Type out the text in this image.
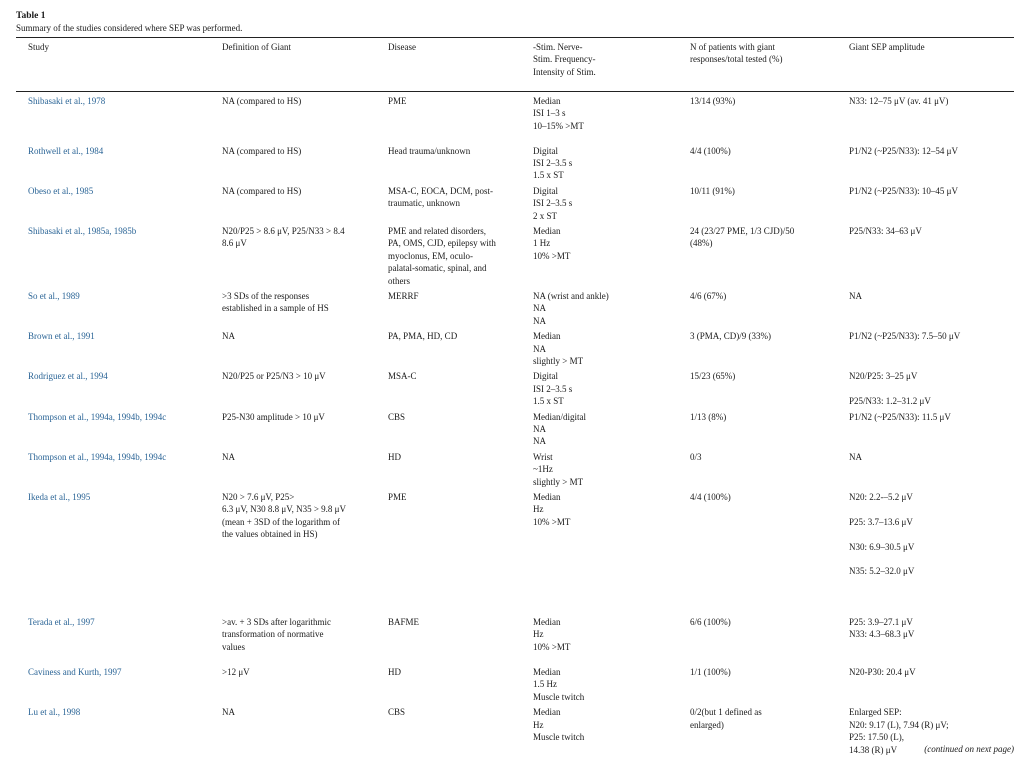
Table 1

Summary of the studies considered where SEP was performed.

Study	Definition of Giant	Disease	-Stim. Nerve-
Stim. Frequency-
Intensity of Stim.	N of patients with giant
responses/total tested (%)	Giant SEP amplitude

Shibasaki et al., 1978	NA (compared to HS)	PME	Median
ISI 1–3 s
10–15% >MT	13/14 (93%)	N33: 12–75 μV (av. 41 μV)

Rothwell et al., 1984	NA (compared to HS)	Head trauma/unknown	Digital
ISI 2–3.5 s
1.5 x ST	4/4 (100%)	P1/N2 (~P25/N33): 12–54 μV

Obeso et al., 1985	NA (compared to HS)	MSA-C, EOCA, DCM, post-
traumatic, unknown	Digital
ISI 2–3.5 s
2 x ST	10/11 (91%)	P1/N2 (~P25/N33): 10–45 μV

Shibasaki et al., 1985a, 1985b	N20/P25 > 8.6 μV, P25/N33 > 8.4
8.6 μV	PME and related disorders,
PA, OMS, CJD, epilepsy with
myoclonus, EM, oculo-
palatal-somatic, spinal, and
others	Median
1 Hz
10% >MT	24 (23/27 PME, 1/3 CJD)/50
(48%)	P25/N33: 34–63 μV

So et al., 1989	>3 SDs of the responses
established in a sample of HS	MERRF	NA (wrist and ankle)
NA
NA	4/6 (67%)	NA

Brown et al., 1991	NA	PA, PMA, HD, CD	Median
NA
slightly > MT	3 (PMA, CD)/9 (33%)	P1/N2 (~P25/N33): 7.5–50 μV

Rodriguez et al., 1994	N20/P25 or P25/N3 > 10 μV	MSA-C	Digital
ISI 2–3.5 s
1.5 x ST	15/23 (65%)	N20/P25: 3–25 μV
P25/N33: 1.2–31.2 μV

Thompson et al., 1994a, 1994b, 1994c	P25-N30 amplitude > 10 μV	CBS	Median/digital
NA
NA	1/13 (8%)	P1/N2 (~P25/N33): 11.5 μV

Thompson et al., 1994a, 1994b, 1994c	NA	HD	Wrist
~1Hz
slightly > MT	0/3	NA

Ikeda et al., 1995	N20 > 7.6 μV, P25>
6.3 μV, N30 8.8 μV, N35 > 9.8 μV
(mean + 3SD of the logarithm of
the values obtained in HS)	PME	Median
Hz
10% >MT	4/4 (100%)	N20: 2.2-–5.2 μV
P25: 3.7–13.6 μV
N30: 6.9–30.5 μV
N35: 5.2–32.0 μV

Terada et al., 1997	>av. + 3 SDs after logarithmic
transformation of normative
values	BAFME	Median
Hz
10% >MT	6/6 (100%)	P25: 3.9–27.1 μV
N33: 4.3–68.3 μV

Caviness and Kurth, 1997	>12 μV	HD	Median
1.5 Hz
Muscle twitch	1/1 (100%)	N20-P30: 20.4 μV

Lu et al., 1998	NA	CBS	Median
Hz
Muscle twitch	0/2(but 1 defined as
enlarged)	Enlarged SEP:
N20: 9.17 (L), 7.94 (R) μV;
P25: 17.50 (L),
14.38 (R) μV	(continued on next page)
